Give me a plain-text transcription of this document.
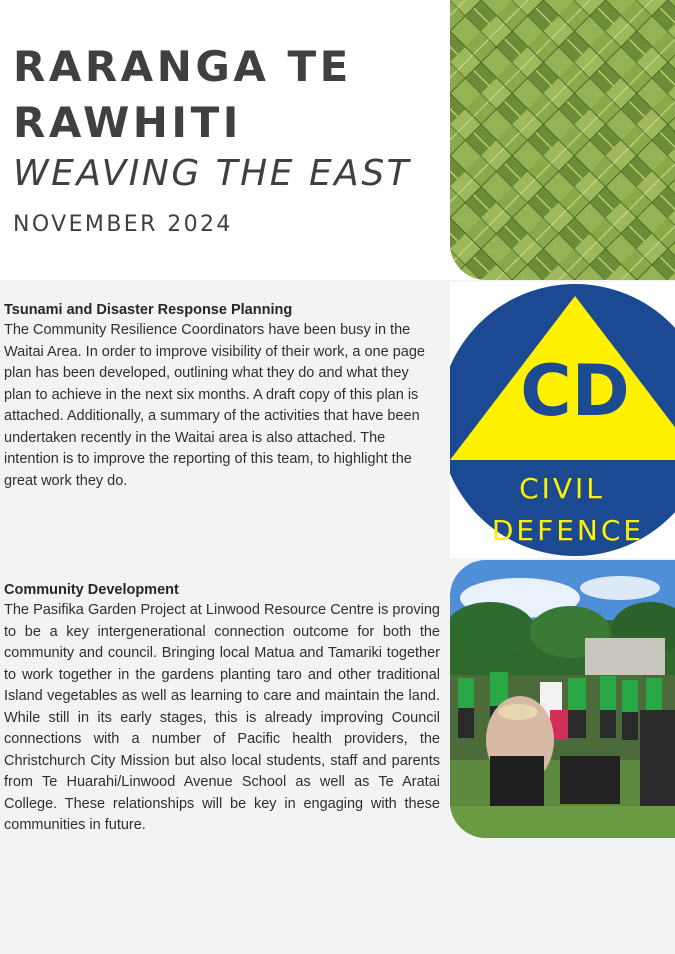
RARANGA TE
RAWHITI
WEAVING THE EAST
NOVEMBER 2024
Tsunami and Disaster Response Planning
The Community Resilience Coordinators have been busy in the Waitai Area. In order to improve visibility of their work, a one page plan has been developed, outlining what they do and what they plan to achieve in the next six months. A draft copy of this plan is attached. Additionally, a summary of the activities that have been undertaken recently in the Waitai area is also attached. The intention is to improve the reporting of this team, to highlight the great work they do.
Community Development
The Pasifika Garden Project at Linwood Resource Centre is proving to be a key intergenerational connection outcome for both the community and council. Bringing local Matua and Tamariki together to work together in the gardens planting taro and other traditional Island vegetables as well as learning to care and maintain the land. While still in its early stages, this is already improving Council connections with a number of Pacific health providers, the Christchurch City Mission but also local students, staff and parents from Te Huarahi/Linwood Avenue School as well as Te Aratai College. These relationships will be key in engaging with these communities in future.
CD
CIVIL
DEFENCE
